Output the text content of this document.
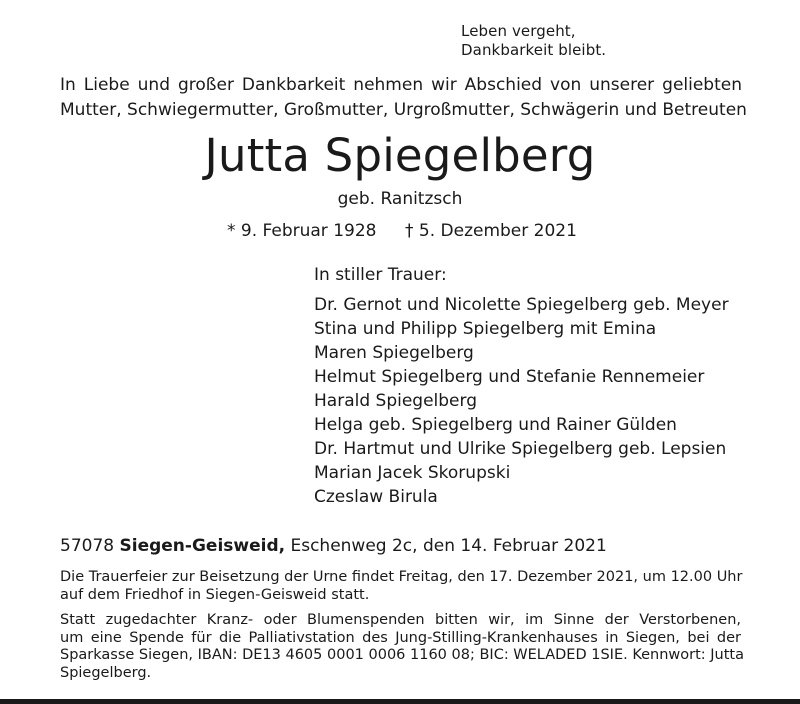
Leben vergeht,
Dankbarkeit bleibt.
In Liebe und großer Dankbarkeit nehmen wir Abschied von unserer geliebten
Mutter, Schwiegermutter, Großmutter, Urgroßmutter, Schwägerin und Betreuten
Jutta Spiegelberg
geb. Ranitzsch
* 9. Februar 1928 † 5. Dezember 2021
In stiller Trauer:
Dr. Gernot und Nicolette Spiegelberg geb. Meyer
Stina und Philipp Spiegelberg mit Emina
Maren Spiegelberg
Helmut Spiegelberg und Stefanie Rennemeier
Harald Spiegelberg
Helga geb. Spiegelberg und Rainer Gülden
Dr. Hartmut und Ulrike Spiegelberg geb. Lepsien
Marian Jacek Skorupski
Czeslaw Birula
57078 Siegen-Geisweid, Eschenweg 2c, den 14. Februar 2021
Die Trauerfeier zur Beisetzung der Urne findet Freitag, den 17. Dezember 2021, um 12.00 Uhr
auf dem Friedhof in Siegen-Geisweid statt.
Statt zugedachter Kranz- oder Blumenspenden bitten wir, im Sinne der Verstorbenen,
um eine Spende für die Palliativstation des Jung-Stilling-Krankenhauses in Siegen, bei der
Sparkasse Siegen, IBAN: DE13 4605 0001 0006 1160 08; BIC: WELADED 1SIE. Kennwort: Jutta
Spiegelberg.
